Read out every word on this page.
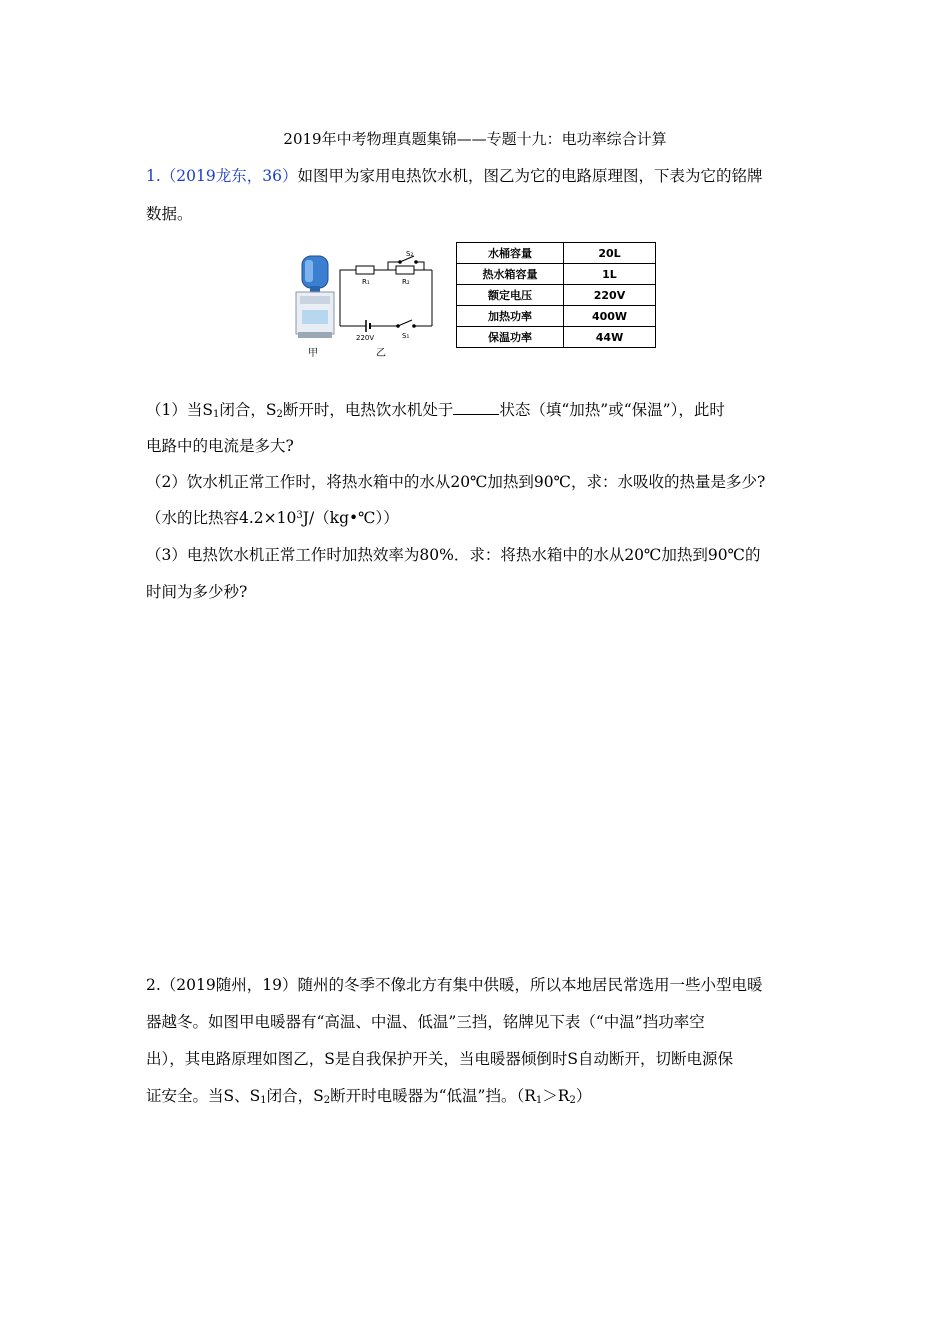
2019年中考物理真题集锦——专题十九：电功率综合计算
1.（2019龙东，36）如图甲为家用电热饮水机，图乙为它的电路原理图，下表为它的铭牌
数据。
R₁	R₂
S₂
S₁
220V
甲	乙
水桶容量	20L
热水箱容量	1L
额定电压	220V
加热功率	400W
保温功率	44W
（1）当$S_1$闭合，$S_2$断开时，电热饮水机处于	状态（填“加热”或“保温”），此时
电路中的电流是多大?
（2）饮水机正常工作时，将热水箱中的水从20℃加热到90℃，求：水吸收的热量是多少?
（水的比热容$4.2\times 10^3J/(kg•℃)$）
（3）电热饮水机正常工作时加热效率为80%．求：将热水箱中的水从20℃加热到90℃的
时间为多少秒?
2.（2019随州，19）随州的冬季不像北方有集中供暖，所以本地居民常选用一些小型电暖
器越冬。如图甲电暖器有“高温、中温、低温”三挡，铭牌见下表（“中温”挡功率空
出），其电路原理如图乙，S是自我保护开关，当电暖器倾倒时S自动断开，切断电源保
证安全。当S、$S_1$闭合，$S_2$断开时电暖器为“低温”挡。$(R_1>R_2)$
